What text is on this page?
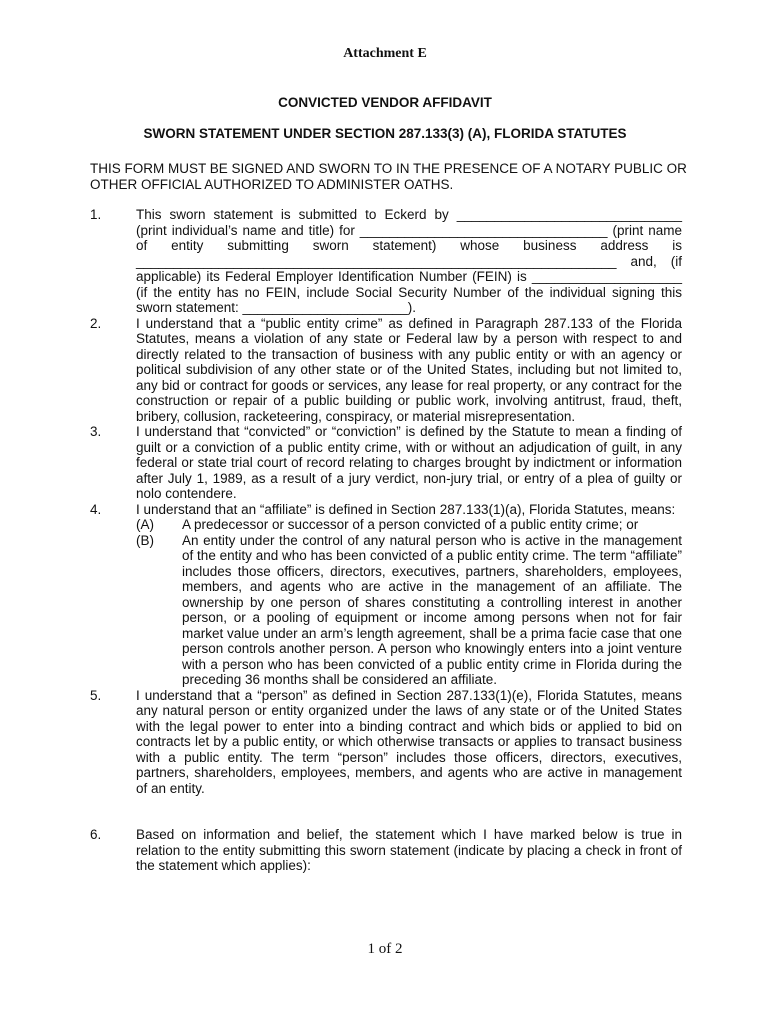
Attachment E
CONVICTED VENDOR AFFIDAVIT
SWORN STATEMENT UNDER SECTION 287.133(3) (A), FLORIDA STATUTES
THIS FORM MUST BE SIGNED AND SWORN TO IN THE PRESENCE OF A NOTARY PUBLIC OR OTHER OFFICIAL AUTHORIZED TO ADMINISTER OATHS.
1.	This sworn statement is submitted to Eckerd by ______________________________ (print individual’s name and title) for _________________________________ (print name of entity submitting sworn statement) whose business address is ________________________________________________________________ and, (if applicable) its Federal Employer Identification Number (FEIN) is ____________________ (if the entity has no FEIN, include Social Security Number of the individual signing this sworn statement: ______________________).
2.	I understand that a “public entity crime” as defined in Paragraph 287.133 of the Florida Statutes, means a violation of any state or Federal law by a person with respect to and directly related to the transaction of business with any public entity or with an agency or political subdivision of any other state or of the United States, including but not limited to, any bid or contract for goods or services, any lease for real property, or any contract for the construction or repair of a public building or public work, involving antitrust, fraud, theft, bribery, collusion, racketeering, conspiracy, or material misrepresentation.
3.	I understand that “convicted” or “conviction” is defined by the Statute to mean a finding of guilt or a conviction of a public entity crime, with or without an adjudication of guilt, in any federal or state trial court of record relating to charges brought by indictment or information after July 1, 1989, as a result of a jury verdict, non-jury trial, or entry of a plea of guilty or nolo contendere.
4.	I understand that an “affiliate” is defined in Section 287.133(1)(a), Florida Statutes, means:
(A) A predecessor or successor of a person convicted of a public entity crime; or
(B) An entity under the control of any natural person who is active in the management of the entity and who has been convicted of a public entity crime. The term “affiliate” includes those officers, directors, executives, partners, shareholders, employees, members, and agents who are active in the management of an affiliate. The ownership by one person of shares constituting a controlling interest in another person, or a pooling of equipment or income among persons when not for fair market value under an arm’s length agreement, shall be a prima facie case that one person controls another person. A person who knowingly enters into a joint venture with a person who has been convicted of a public entity crime in Florida during the preceding 36 months shall be considered an affiliate.
5.	I understand that a “person” as defined in Section 287.133(1)(e), Florida Statutes, means any natural person or entity organized under the laws of any state or of the United States with the legal power to enter into a binding contract and which bids or applied to bid on contracts let by a public entity, or which otherwise transacts or applies to transact business with a public entity. The term “person” includes those officers, directors, executives, partners, shareholders, employees, members, and agents who are active in management of an entity.
6.	Based on information and belief, the statement which I have marked below is true in relation to the entity submitting this sworn statement (indicate by placing a check in front of the statement which applies):
1 of 2
